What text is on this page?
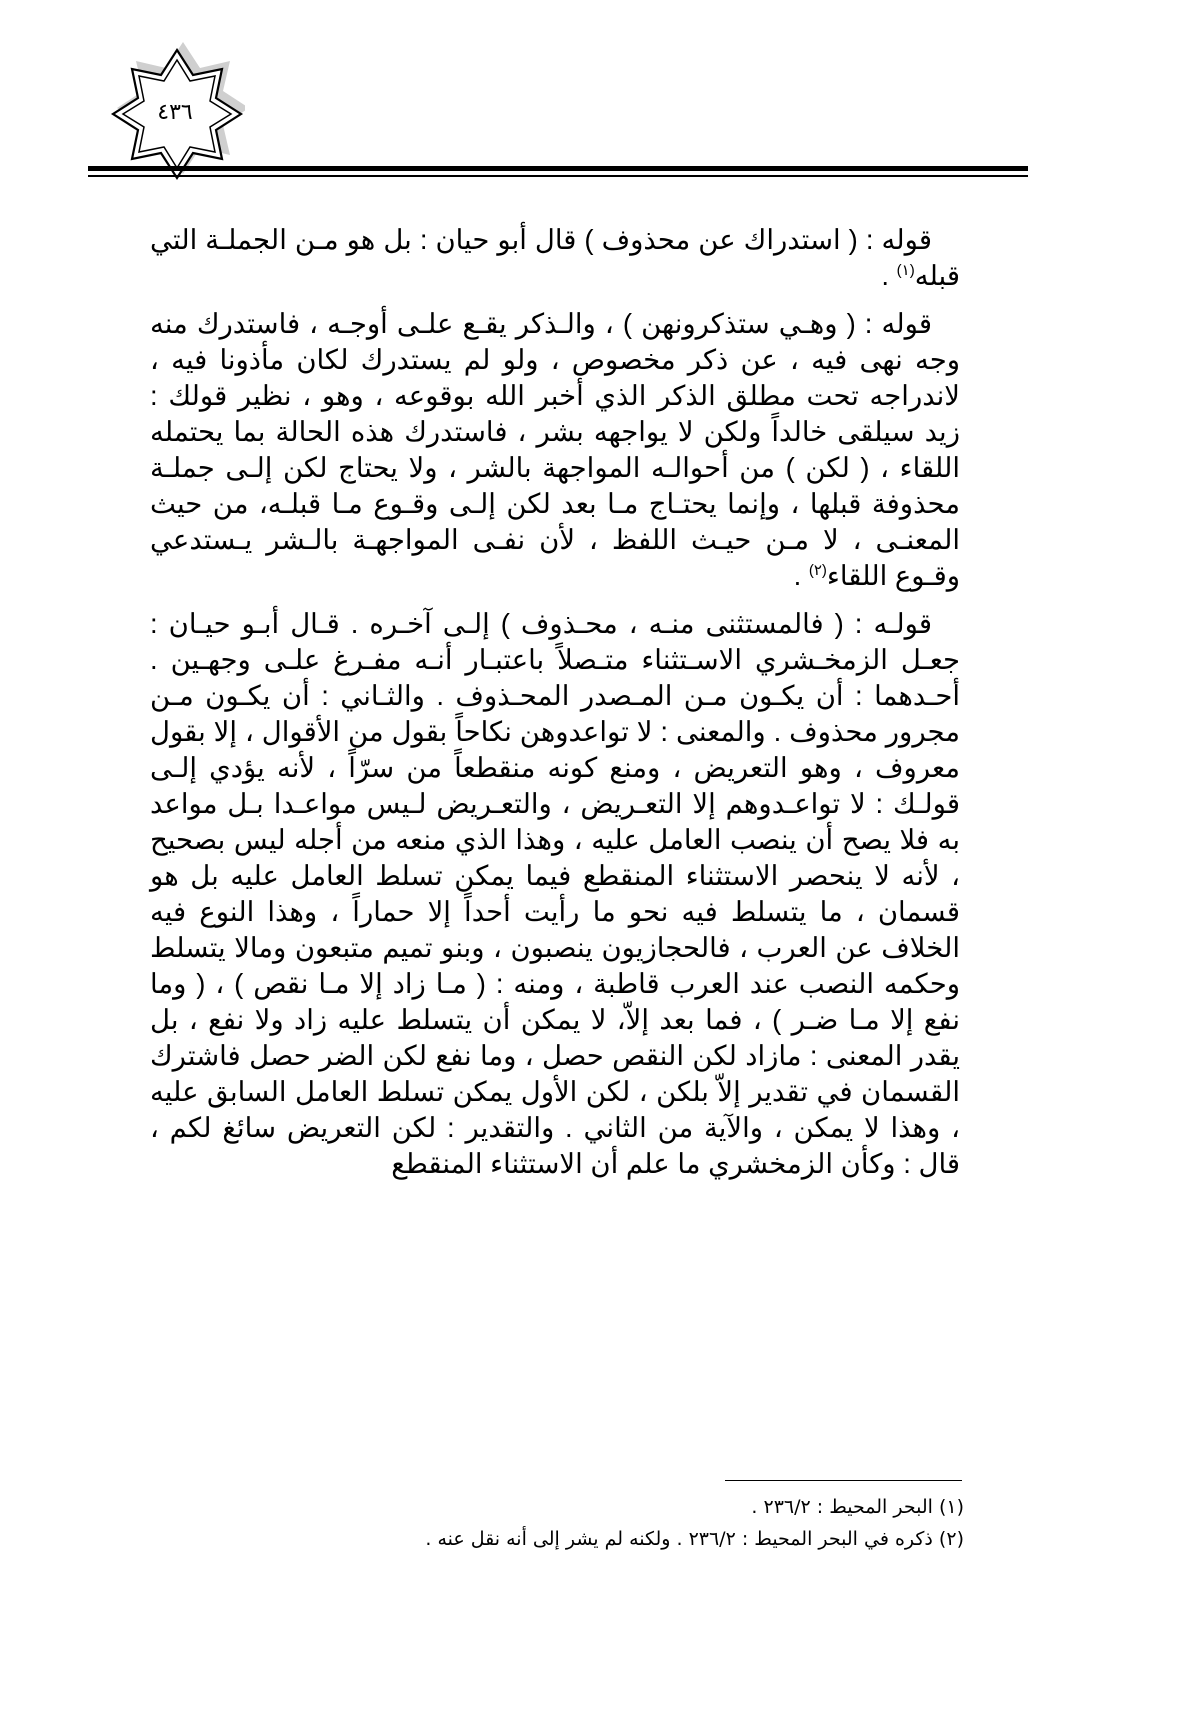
٤٣٦

قوله : ( استدراك عن محذوف ) قال أبو حيان : بل هو مـن الجملـة التي قبله$^{(١)}$ .

قوله : ( وهـي ستذكرونهن ) ، والـذكر يقـع علـى أوجـه ، فاستدرك منه وجه نهى فيه ، عن ذكر مخصوص ، ولو لم يستدرك لكان مأذونا فيه ، لاندراجه تحت مطلق الذكر الذي أخبر الله بوقوعه ، وهو ، نظير قولك : زيد سيلقى خالداً ولكن لا يواجهه بشر ، فاستدرك هذه الحالة بما يحتمله اللقاء ، ( لكن ) من أحوالـه المواجهة بالشر ، ولا يحتاج لكن إلـى جملـة محذوفة قبلها ، وإنما يحتـاج مـا بعد لكن إلـى وقـوع مـا قبلـه، من حيث المعنـى ، لا مـن حيـث اللفظ ، لأن نفـى المواجهـة بالـشر يـستدعي وقـوع اللقاء$^{(٢)}$ .

قولـه : ( فالمستثنى منـه ، محـذوف ) إلـى آخـره . قـال أبـو حيـان : جعـل الزمخـشري الاسـتثناء متـصلاً باعتبـار أنـه مفـرغ علـى وجهـين . أحـدهما : أن يكـون مـن المـصدر المحـذوف . والثـاني : أن يكـون مـن مجرور محذوف . والمعنى : لا تواعدوهن نكاحاً بقول من الأقوال ، إلا بقول معروف ، وهو التعريض ، ومنع كونه منقطعاً من سرّاً ، لأنه يؤدي إلـى قولـك : لا تواعـدوهم إلا التعـريض ، والتعـريض لـيس مواعـدا بـل مواعد به فلا يصح أن ينصب العامل عليه ، وهذا الذي منعه من أجله ليس بصحيح ، لأنه لا ينحصر الاستثناء المنقطع فيما يمكن تسلط العامل عليه بل هو قسمان ، ما يتسلط فيه نحو ما رأيت أحداً إلا حماراً ، وهذا النوع فيه الخلاف عن العرب ، فالحجازيون ينصبون ، وبنو تميم متبعون ومالا يتسلط وحكمه النصب عند العرب قاطبة ، ومنه : ( مـا زاد إلا مـا نقص ) ، ( وما نفع إلا مـا ضـر ) ، فما بعد إلاّ، لا يمكن أن يتسلط عليه زاد ولا نفع ، بل يقدر المعنى : مازاد لكن النقص حصل ، وما نفع لكن الضر حصل فاشترك القسمان في تقدير إلاّ بلكن ، لكن الأول يمكن تسلط العامل السابق عليه ، وهذا لا يمكن ، والآية من الثاني . والتقدير : لكن التعريض سائغ لكم ، قال : وكأن الزمخشري ما علم أن الاستثناء المنقطع

(١) البحر المحيط : ٢٣٦/٢ .

(٢) ذكره في البحر المحيط : ٢٣٦/٢ . ولكنه لم يشر إلى أنه نقل عنه .
